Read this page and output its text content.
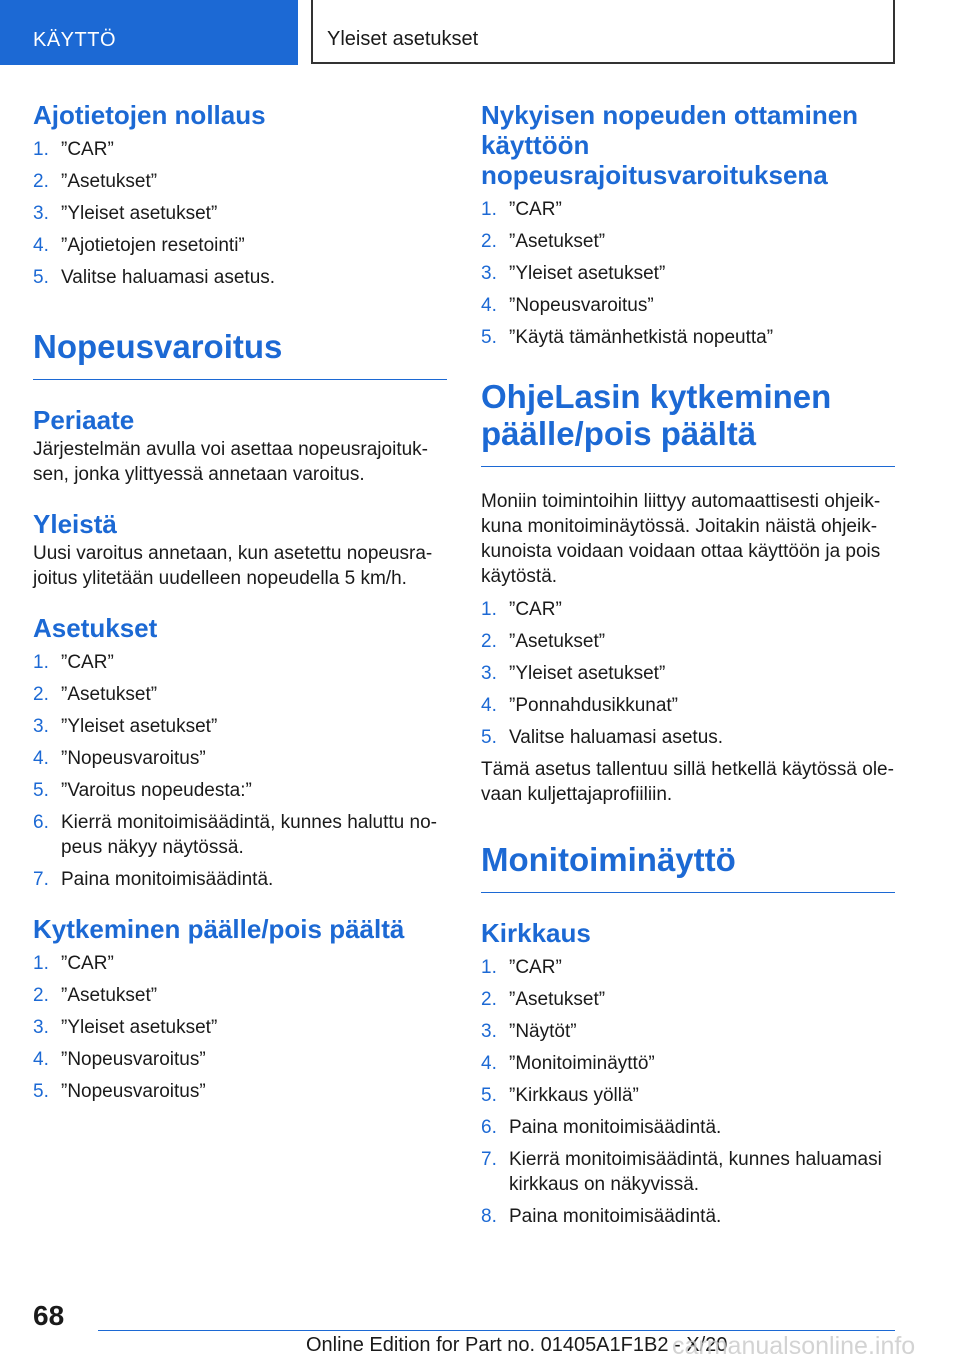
KÄYTTÖ	Yleiset asetukset
Ajotietojen nollaus
1. ”CAR”
2. ”Asetukset”
3. ”Yleiset asetukset”
4. ”Ajotietojen resetointi”
5. Valitse haluamasi asetus.
Nopeusvaroitus
Periaate

Järjestelmän avulla voi asettaa nopeusrajoituk‐ sen, jonka ylittyessä annetaan varoitus.

Yleistä

Uusi varoitus annetaan, kun asetettu nopeusra‐ joitus ylitetään uudelleen nopeudella 5 km/h.

Asetukset
1. ”CAR”
2. ”Asetukset”
3. ”Yleiset asetukset”
4. ”Nopeusvaroitus”
5. ”Varoitus nopeudesta:”
6. Kierrä monitoimisäädintä, kunnes haluttu no‐ peus näkyy näytössä.
7. Paina monitoimisäädintä.
Kytkeminen päälle/pois päältä
1. ”CAR”
2. ”Asetukset”
3. ”Yleiset asetukset”
4. ”Nopeusvaroitus”
5. ”Nopeusvaroitus”
Nykyisen nopeuden ottaminen käyttöön nopeusrajoitusvaroituksena
1. ”CAR”
2. ”Asetukset”
3. ”Yleiset asetukset”
4. ”Nopeusvaroitus”
5. ”Käytä tämänhetkistä nopeutta”
OhjeLasin kytkeminen päälle/pois päältä

Moniin toimintoihin liittyy automaattisesti ohjeik‐ kuna monitoiminäytössä. Joitakin näistä ohjeik‐ kunoista voidaan voidaan ottaa käyttöön ja pois käytöstä.

1. ”CAR”
2. ”Asetukset”
3. ”Yleiset asetukset”
4. ”Ponnahdusikkunat”
5. Valitse haluamasi asetus.

Tämä asetus tallentuu sillä hetkellä käytössä ole‐ vaan kuljettajaprofiiliin.

Monitoiminäyttö
Kirkkaus
1. ”CAR”
2. ”Asetukset”
3. ”Näytöt”
4. ”Monitoiminäyttö”
5. ”Kirkkaus yöllä”
6. Paina monitoimisäädintä.
7. Kierrä monitoimisäädintä, kunnes haluamasi kirkkaus on näkyvissä.
8. Paina monitoimisäädintä.
68
Online Edition for Part no. 01405A1F1B2 - X/20
carmanualsonline.info
